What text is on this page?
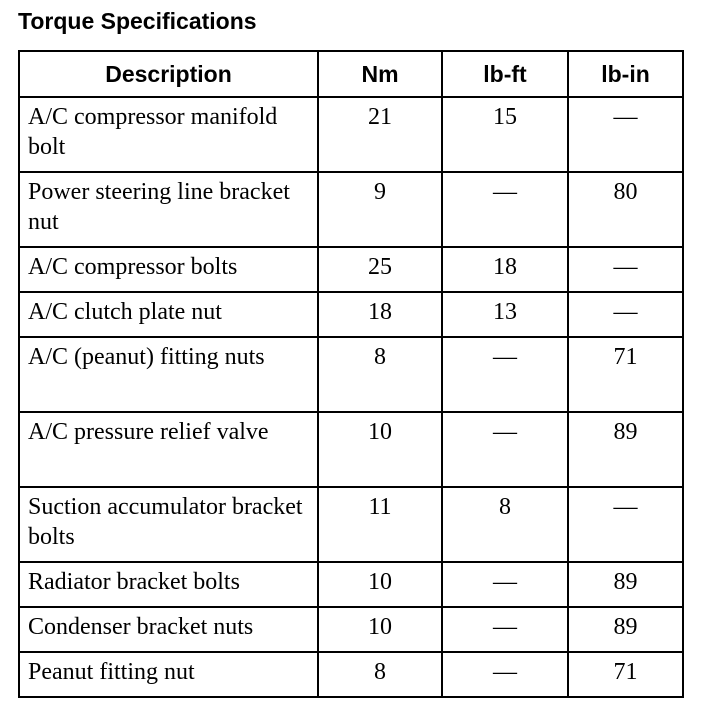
Torque Specifications
Description	Nm	lb-ft	lb-in
A/C compressor manifold bolt	21	15	—
Power steering line bracket nut	9	—	80
A/C compressor bolts	25	18	—
A/C clutch plate nut	18	13	—
A/C (peanut) fitting nuts	8	—	71
A/C pressure relief valve	10	—	89
Suction accumulator bracket bolts	11	8	—
Radiator bracket bolts	10	—	89
Condenser bracket nuts	10	—	89
Peanut fitting nut	8	—	71
